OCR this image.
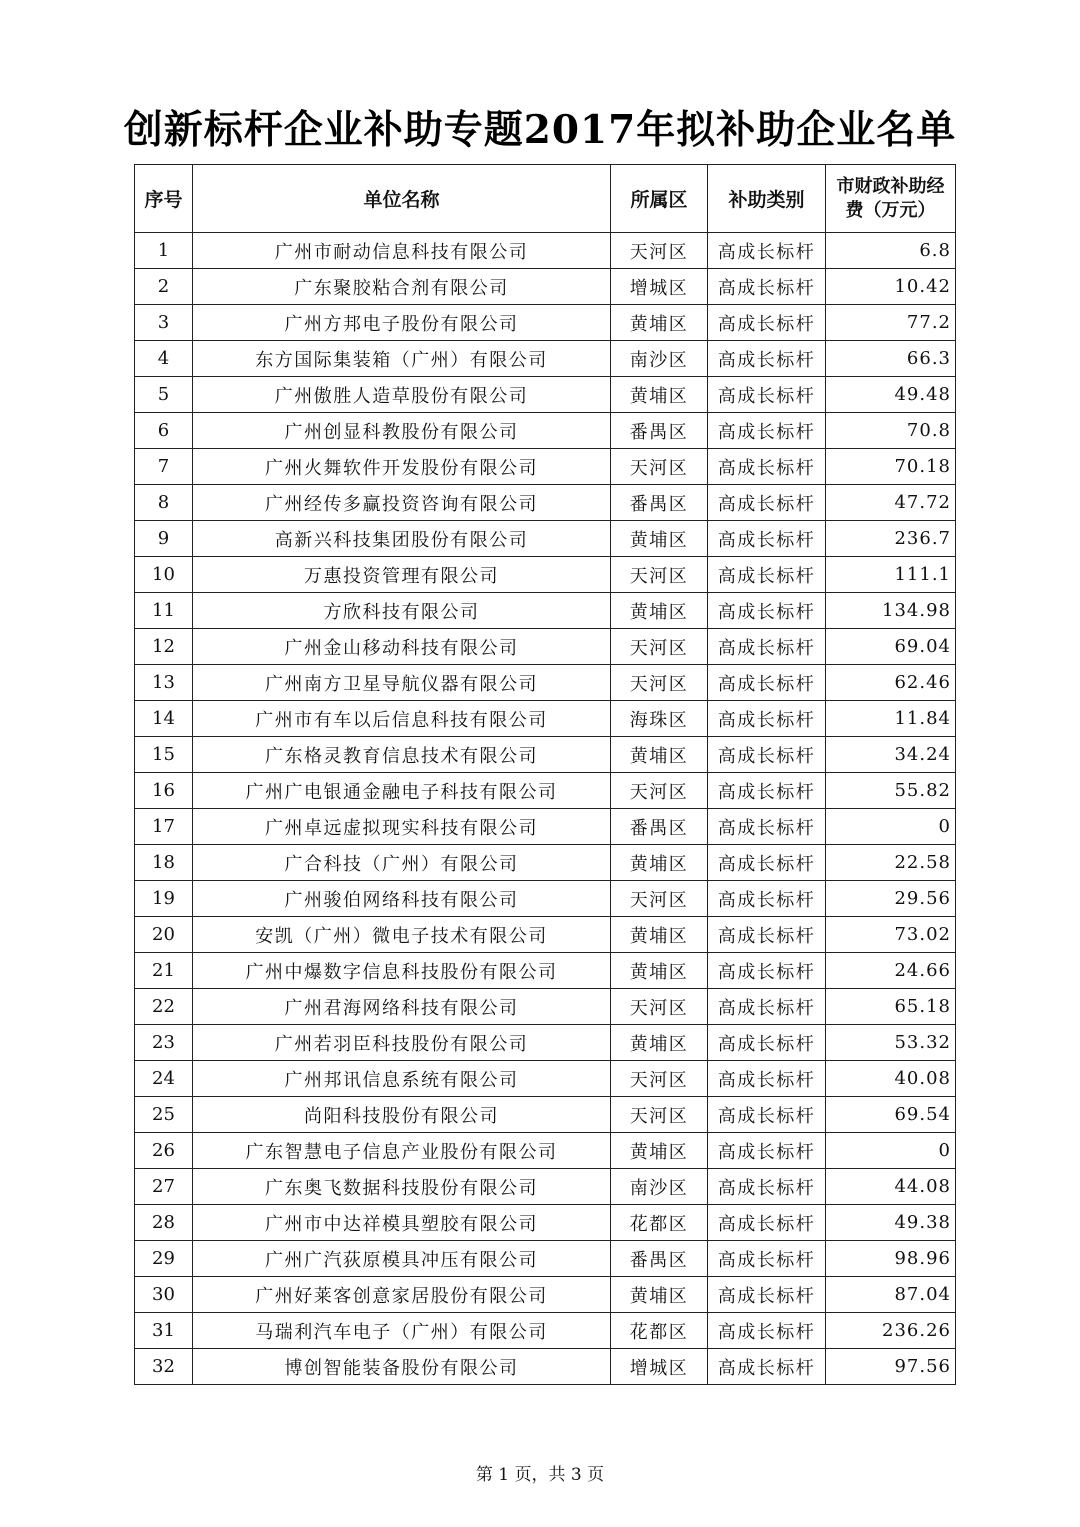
创新标杆企业补助专题2017年拟补助企业名单
序号	单位名称	所属区	补助类别	市财政补助经费（万元）
1	广州市耐动信息科技有限公司	天河区	高成长标杆	6.8
2	广东聚胶粘合剂有限公司	增城区	高成长标杆	10.42
3	广州方邦电子股份有限公司	黄埔区	高成长标杆	77.2
4	东方国际集装箱（广州）有限公司	南沙区	高成长标杆	66.3
5	广州傲胜人造草股份有限公司	黄埔区	高成长标杆	49.48
6	广州创显科教股份有限公司	番禺区	高成长标杆	70.8
7	广州火舞软件开发股份有限公司	天河区	高成长标杆	70.18
8	广州经传多赢投资咨询有限公司	番禺区	高成长标杆	47.72
9	高新兴科技集团股份有限公司	黄埔区	高成长标杆	236.7
10	万惠投资管理有限公司	天河区	高成长标杆	111.1
11	方欣科技有限公司	黄埔区	高成长标杆	134.98
12	广州金山移动科技有限公司	天河区	高成长标杆	69.04
13	广州南方卫星导航仪器有限公司	天河区	高成长标杆	62.46
14	广州市有车以后信息科技有限公司	海珠区	高成长标杆	11.84
15	广东格灵教育信息技术有限公司	黄埔区	高成长标杆	34.24
16	广州广电银通金融电子科技有限公司	天河区	高成长标杆	55.82
17	广州卓远虚拟现实科技有限公司	番禺区	高成长标杆	0
18	广合科技（广州）有限公司	黄埔区	高成长标杆	22.58
19	广州骏伯网络科技有限公司	天河区	高成长标杆	29.56
20	安凯（广州）微电子技术有限公司	黄埔区	高成长标杆	73.02
21	广州中爆数字信息科技股份有限公司	黄埔区	高成长标杆	24.66
22	广州君海网络科技有限公司	天河区	高成长标杆	65.18
23	广州若羽臣科技股份有限公司	黄埔区	高成长标杆	53.32
24	广州邦讯信息系统有限公司	天河区	高成长标杆	40.08
25	尚阳科技股份有限公司	天河区	高成长标杆	69.54
26	广东智慧电子信息产业股份有限公司	黄埔区	高成长标杆	0
27	广东奥飞数据科技股份有限公司	南沙区	高成长标杆	44.08
28	广州市中达祥模具塑胶有限公司	花都区	高成长标杆	49.38
29	广州广汽荻原模具冲压有限公司	番禺区	高成长标杆	98.96
30	广州好莱客创意家居股份有限公司	黄埔区	高成长标杆	87.04
31	马瑞利汽车电子（广州）有限公司	花都区	高成长标杆	236.26
32	博创智能装备股份有限公司	增城区	高成长标杆	97.56
第 1 页，共 3 页
